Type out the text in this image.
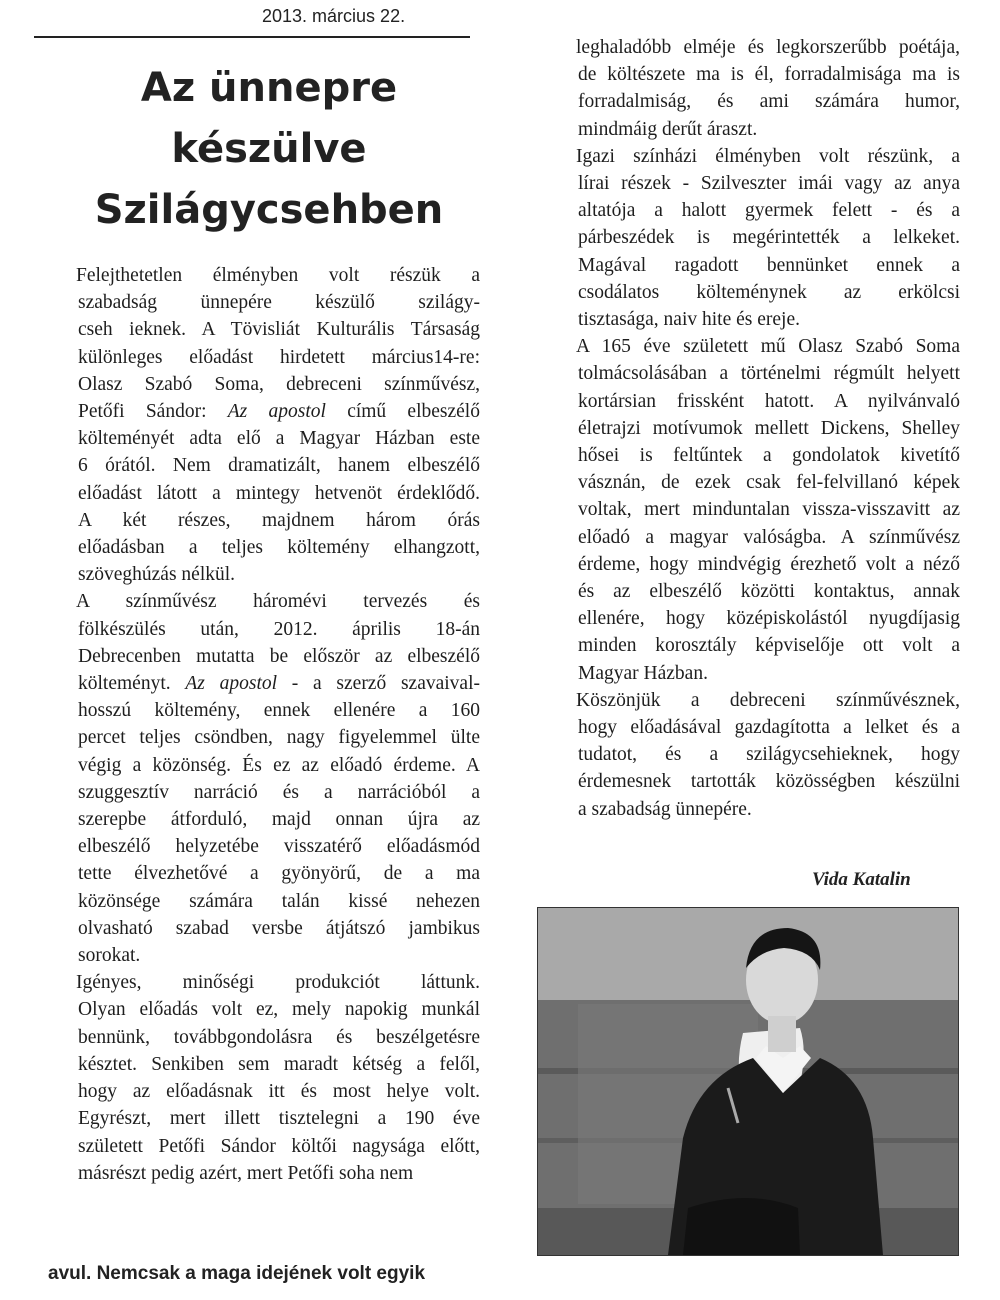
2013. március 22.
Az ünnepre
készülve
Szilágycsehben

Felejthetetlen élményben volt részük a
szabadság ünnepére készülő szilágy-
cseh ieknek. A Tövisliát Kulturális Társaság
különleges előadást hirdetett március14-re:
Olasz Szabó Soma, debreceni színművész,
Petőfi Sándor: Az apostol című elbeszélő
költeményét adta elő a Magyar Házban este
6 órától. Nem dramatizált, hanem elbeszélő
előadást látott a mintegy hetvenöt érdeklődő.
A két részes, majdnem három órás
előadásban a teljes költemény elhangzott,
szöveghúzás nélkül.

A színművész háromévi tervezés és
fölkészülés után, 2012. április 18-án
Debrecenben mutatta be először az elbeszélő
költeményt. Az apostol - a szerző szavaival-
hosszú költemény, ennek ellenére a 160
percet teljes csöndben, nagy figyelemmel ülte
végig a közönség. És ez az előadó érdeme. A
szuggesztív narráció és a narrációból a
szerepbe átforduló, majd onnan újra az
elbeszélő helyzetébe visszatérő előadásmód
tette élvezhetővé a gyönyörű, de a ma
közönsége számára talán kissé nehezen
olvasható szabad versbe átjátszó jambikus
sorokat.

Igényes, minőségi produkciót láttunk.
Olyan előadás volt ez, mely napokig munkál
bennünk, továbbgondolásra és beszélgetésre
késztet. Senkiben sem maradt kétség a felől,
hogy az előadásnak itt és most helye volt.
Egyrészt, mert illett tisztelegni a 190 éve
született Petőfi Sándor költői nagysága előtt,
másrészt pedig azért, mert Petőfi soha nem

leghaladóbb elméje és legkorszerűbb poétája,
de költészete ma is él, forradalmisága ma is
forradalmiság, és ami számára humor,
mindmáig derűt áraszt.

Igazi színházi élményben volt részünk, a
lírai részek - Szilveszter imái vagy az anya
altatója a halott gyermek felett - és a
párbeszédek is megérintették a lelkeket.
Magával ragadott bennünket ennek a
csodálatos költeménynek az erkölcsi
tisztasága, naiv hite és ereje.

A 165 éve született mű Olasz Szabó Soma
tolmácsolásában a történelmi régmúlt helyett
kortársian frissként hatott. A nyilvánvaló
életrajzi motívumok mellett Dickens, Shelley
hősei is feltűntek a gondolatok kivetítő
vásznán, de ezek csak fel-felvillanó képek
voltak, mert minduntalan vissza-visszavitt az
előadó a magyar valóságba. A színművész
érdeme, hogy mindvégig érezhető volt a néző
és az elbeszélő közötti kontaktus, annak
ellenére, hogy középiskolástól nyugdíjasig
minden korosztály képviselője ott volt a
Magyar Házban.

Köszönjük a debreceni színművésznek,
hogy előadásával gazdagította a lelket és a
tudatot, és a szilágycsehieknek, hogy
érdemesnek tartották közösségben készülni
a szabadság ünnepére.

Vida Katalin
avul. Nemcsak a maga idejének volt egyik
